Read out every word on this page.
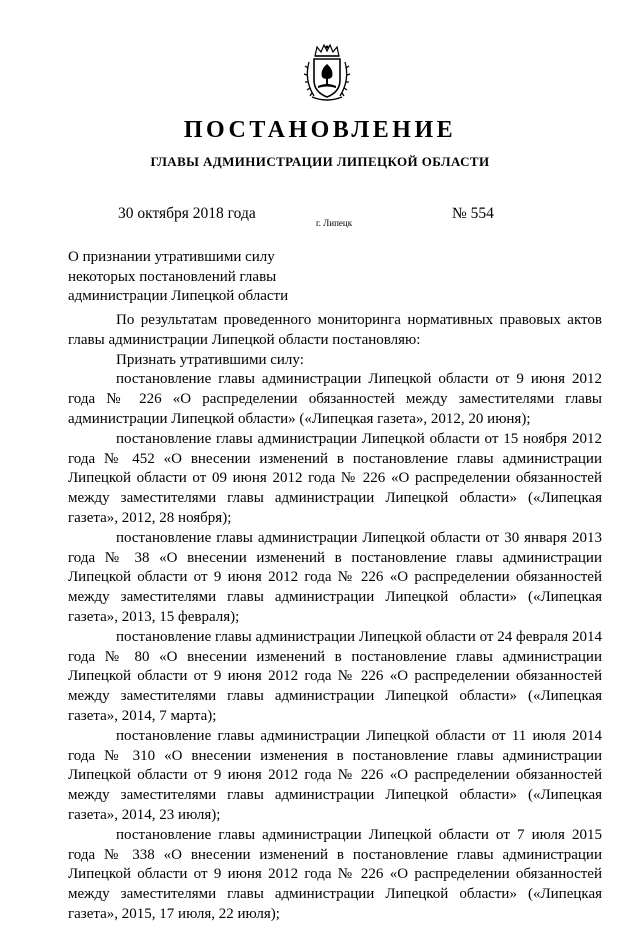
ПОСТАНОВЛЕНИЕ
ГЛАВЫ АДМИНИСТРАЦИИ ЛИПЕЦКОЙ ОБЛАСТИ
30 октября 2018 года
г. Липецк
№ 554
О признании утратившими силу
некоторых постановлений главы
администрации Липецкой области

По результатам проведенного мониторинга нормативных правовых актов главы администрации Липецкой области постановляю:

Признать утратившими силу:

постановление главы администрации Липецкой области от 9 июня 2012 года № 226 «О распределении обязанностей между заместителями главы администрации Липецкой области» («Липецкая газета», 2012, 20 июня);

постановление главы администрации Липецкой области от 15 ноября 2012 года № 452 «О внесении изменений в постановление главы администрации Липецкой области от 09 июня 2012 года № 226 «О распределении обязанностей между заместителями главы администрации Липецкой области» («Липецкая газета», 2012, 28 ноября);

постановление главы администрации Липецкой области от 30 января 2013 года № 38 «О внесении изменений в постановление главы администрации Липецкой области от 9 июня 2012 года № 226 «О распределении обязанностей между заместителями главы администрации Липецкой области» («Липецкая газета», 2013, 15 февраля);

постановление главы администрации Липецкой области от 24 февраля 2014 года № 80 «О внесении изменений в постановление главы администрации Липецкой области от 9 июня 2012 года № 226 «О распределении обязанностей между заместителями главы администрации Липецкой области» («Липецкая газета», 2014, 7 марта);

постановление главы администрации Липецкой области от 11 июля 2014 года № 310 «О внесении изменения в постановление главы администрации Липецкой области от 9 июня 2012 года № 226 «О распределении обязанностей между заместителями главы администрации Липецкой области» («Липецкая газета», 2014, 23 июля);

постановление главы администрации Липецкой области от 7 июля 2015 года № 338 «О внесении изменений в постановление главы администрации Липецкой области от 9 июня 2012 года № 226 «О распределении обязанностей между заместителями главы администрации Липецкой области» («Липецкая газета», 2015, 17 июля, 22 июля);
